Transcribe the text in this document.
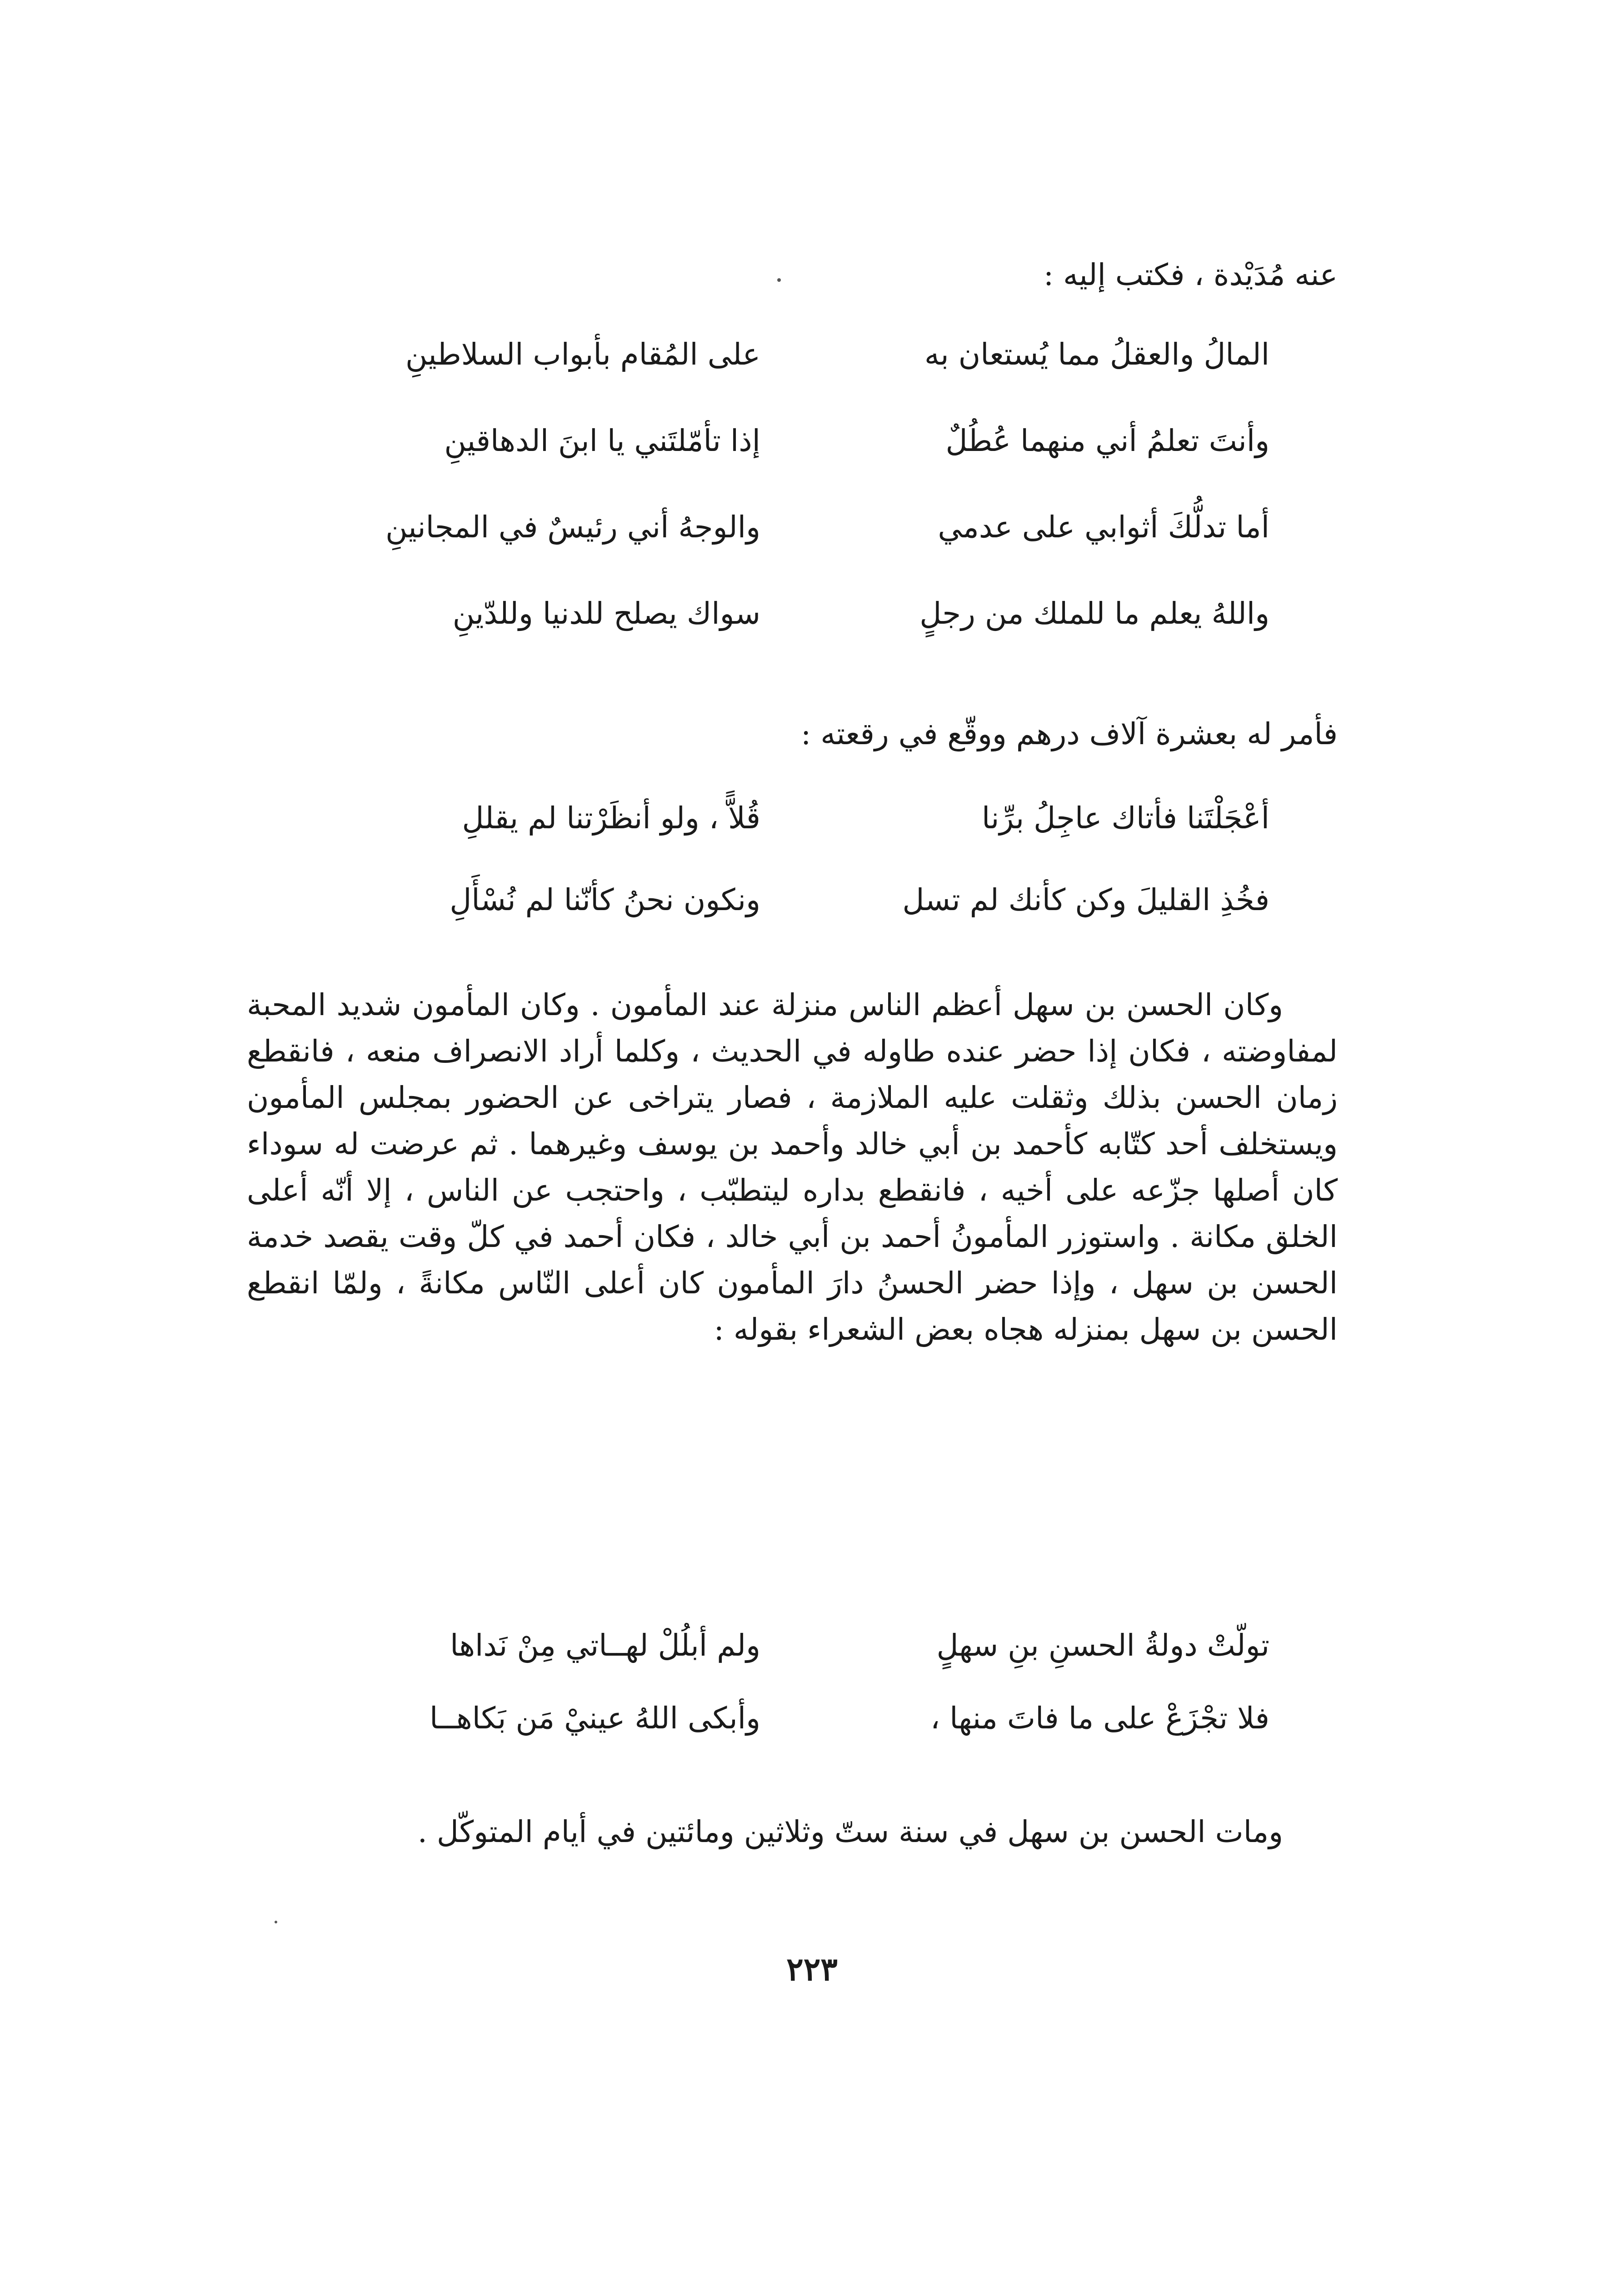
عنه مُدَيْدة ، فكتب إليه :

المالُ والعقلُ مما يُستعان به
على المُقام بأبواب السلاطينِ
وأنتَ تعلمُ أني منهما عُطُلٌ
إذا تأمّلتَني يا ابنَ الدهاقينِ
أما تدلُّكَ أثوابي على عدمي
والوجهُ أني رئيسٌ في المجانينِ
واللهُ يعلم ما للملك من رجلٍ
سواك يصلح للدنيا وللدّينِ

فأمر له بعشرة آلاف درهم ووقّع في رقعته :

أعْجَلْتَنا فأتاك عاجِلُ برِّنا
قُلاًّ ، ولو أنظَرْتنا لم يقللِ
فخُذِ القليلَ وكن كأنك لم تسل
ونكون نحنُ كأنّنا لم نُسْأَلِ

وكان الحسن بن سهل أعظم الناس منزلة عند المأمون . وكان المأمون شديد المحبة لمفاوضته ، فكان إذا حضر عنده طاوله في الحديث ، وكلما أراد الانصراف منعه ، فانقطع زمان الحسن بذلك وثقلت عليه الملازمة ، فصار يتراخى عن الحضور بمجلس المأمون ويستخلف أحد كتّابه كأحمد بن أبي خالد وأحمد بن يوسف وغيرهما . ثم عرضت له سوداء كان أصلها جزّعه على أخيه ، فانقطع بداره ليتطبّب ، واحتجب عن الناس ، إلا أنّه أعلى الخلق مكانة . واستوزر المأمونُ أحمد بن أبي خالد ، فكان أحمد في كلّ وقت يقصد خدمة الحسن بن سهل ، وإذا حضر الحسنُ دارَ المأمون كان أعلى النّاس مكانةً ، ولمّا انقطع الحسن بن سهل بمنزله هجاه بعض الشعراء بقوله :

تولّتْ دولةُ الحسنِ بنِ سهلٍ
ولم أبلُلْ لهــاتي مِنْ نَداها
فلا تجْزَعْ على ما فاتَ منها ،
وأبكى اللهُ عينيْ مَن بَكاهــا

ومات الحسن بن سهل في سنة ستّ وثلاثين ومائتين في أيام المتوكّل .

٢٢٣
